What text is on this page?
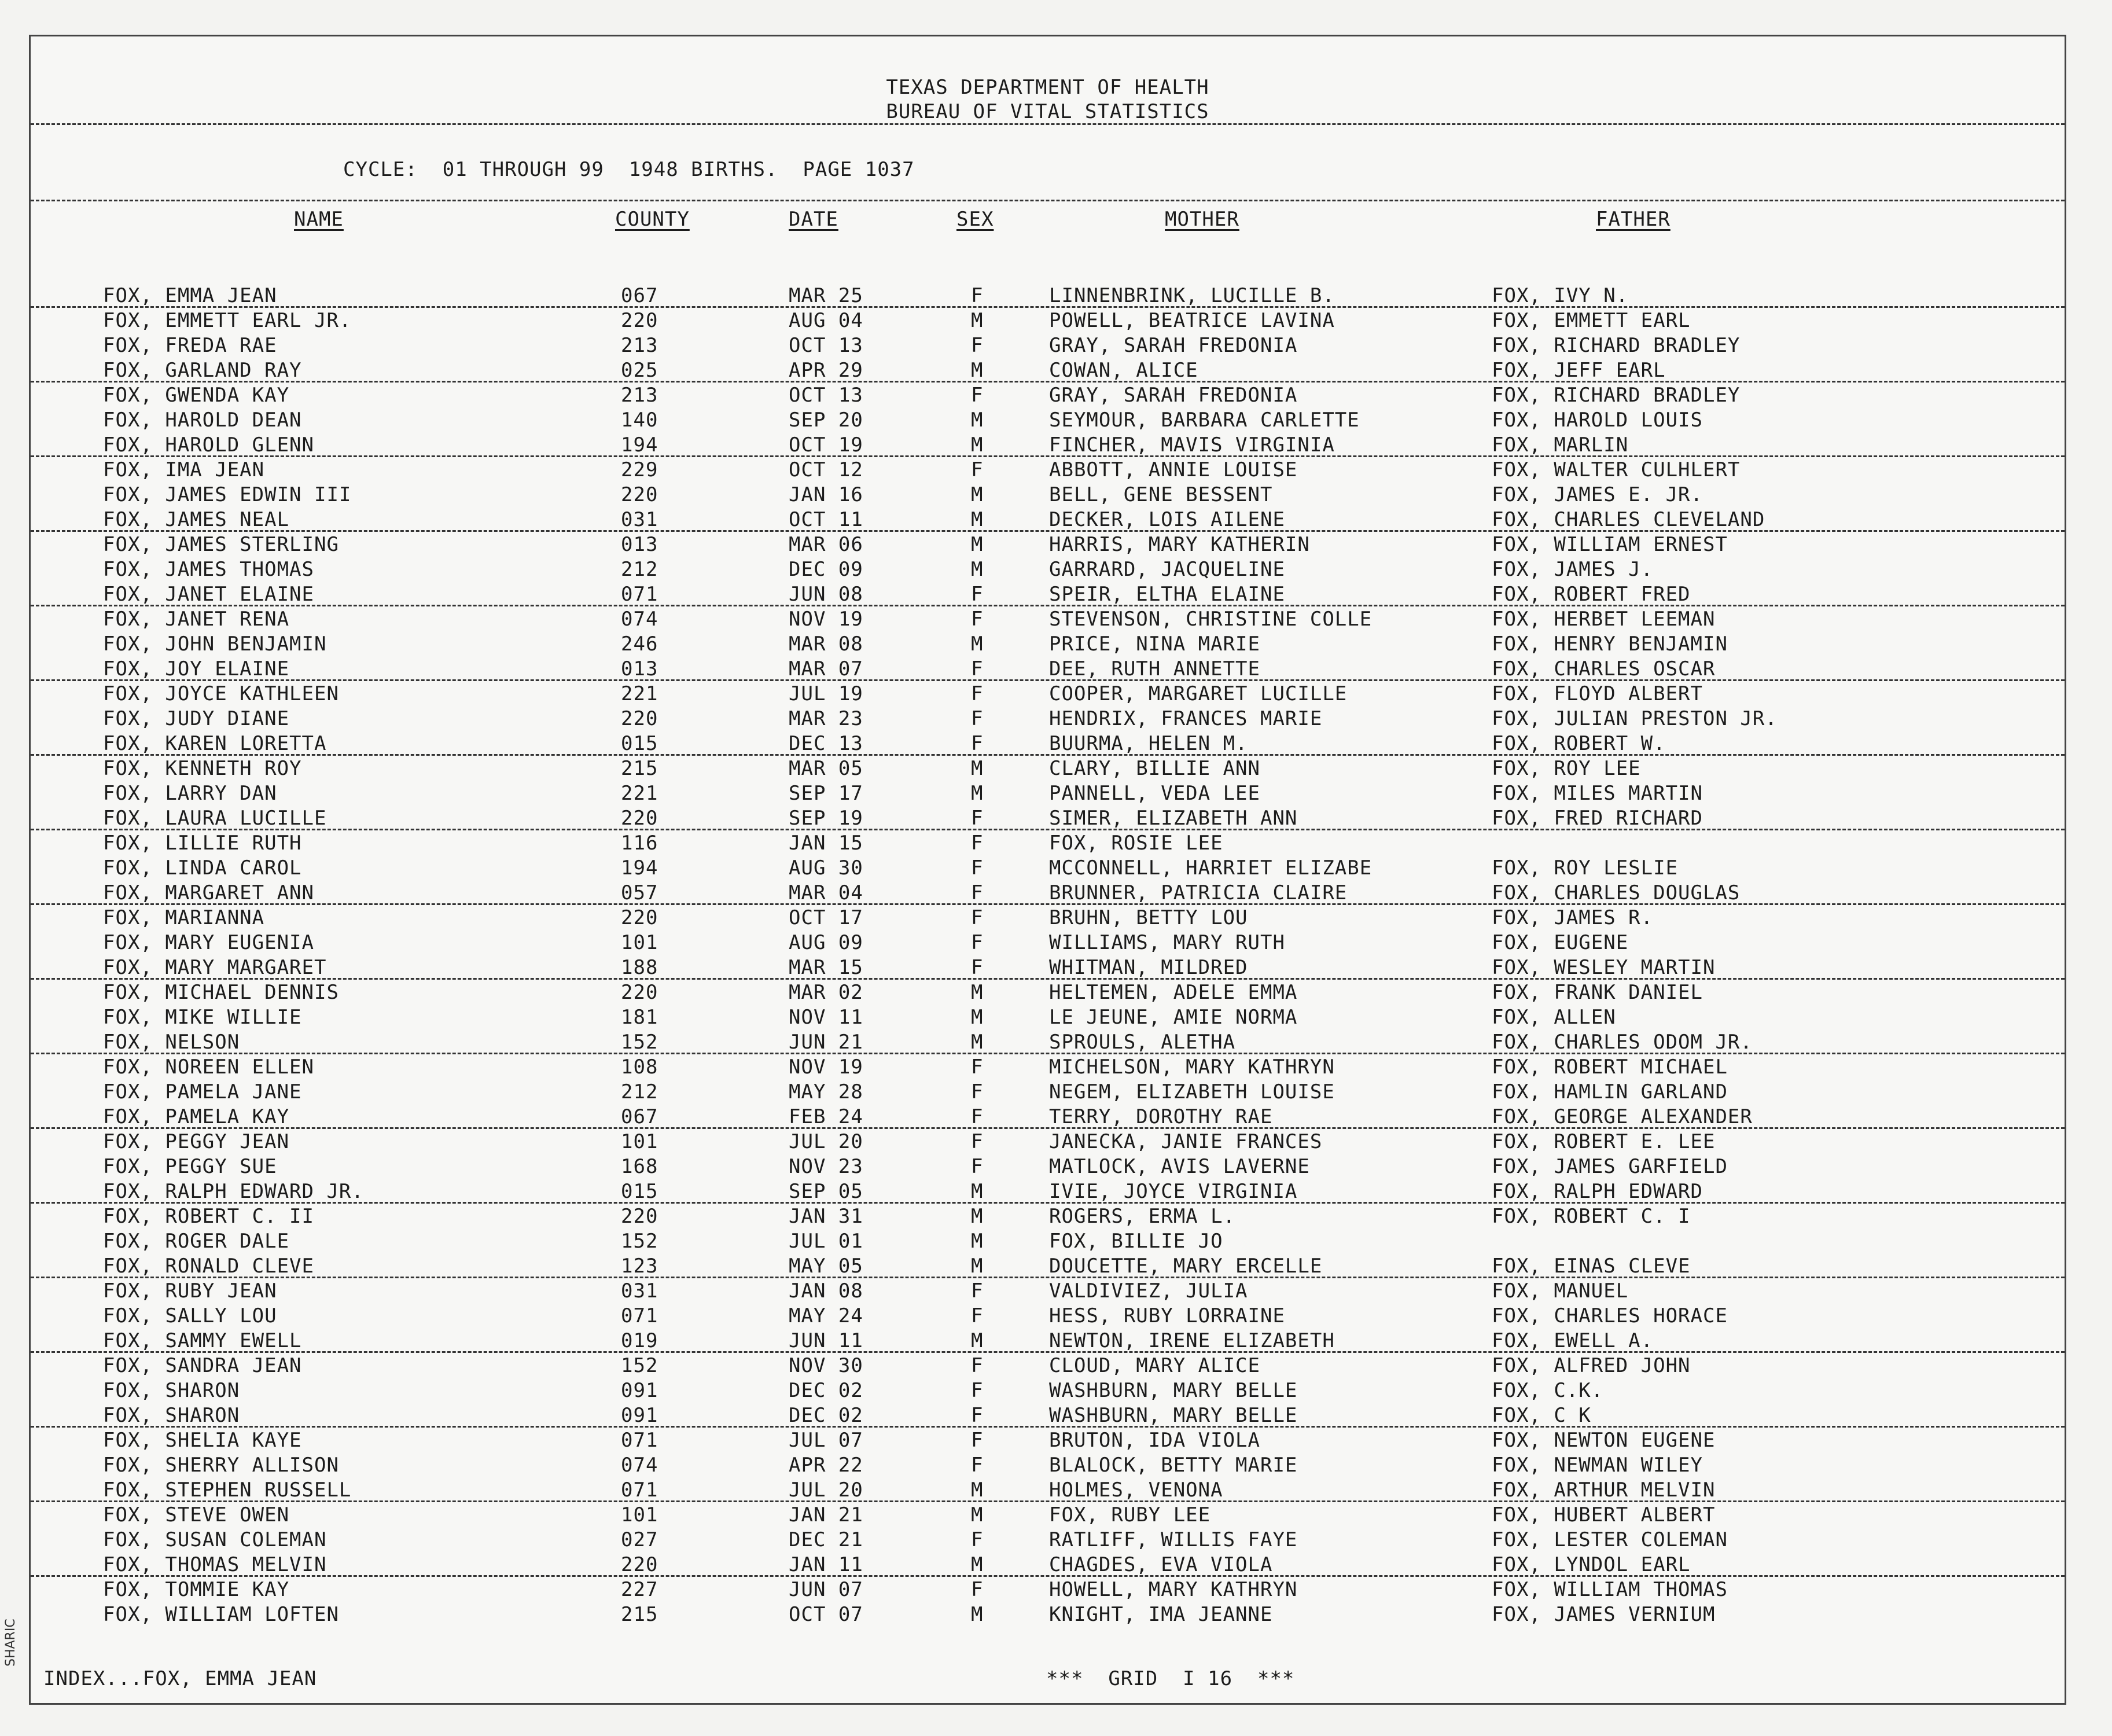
TEXAS DEPARTMENT OF HEALTH
BUREAU OF VITAL STATISTICS
CYCLE:  01 THROUGH 99  1948 BIRTHS.  PAGE 1037
NAME	COUNTY	DATE	SEX	MOTHER	FATHER
FOX, EMMA JEAN	067	MAR 25	F	LINNENBRINK, LUCILLE B.	FOX, IVY N.
FOX, EMMETT EARL JR.	220	AUG 04	M	POWELL, BEATRICE LAVINA	FOX, EMMETT EARL
FOX, FREDA RAE	213	OCT 13	F	GRAY, SARAH FREDONIA	FOX, RICHARD BRADLEY
FOX, GARLAND RAY	025	APR 29	M	COWAN, ALICE	FOX, JEFF EARL
FOX, GWENDA KAY	213	OCT 13	F	GRAY, SARAH FREDONIA	FOX, RICHARD BRADLEY
FOX, HAROLD DEAN	140	SEP 20	M	SEYMOUR, BARBARA CARLETTE	FOX, HAROLD LOUIS
FOX, HAROLD GLENN	194	OCT 19	M	FINCHER, MAVIS VIRGINIA	FOX, MARLIN
FOX, IMA JEAN	229	OCT 12	F	ABBOTT, ANNIE LOUISE	FOX, WALTER CULHLERT
FOX, JAMES EDWIN III	220	JAN 16	M	BELL, GENE BESSENT	FOX, JAMES E. JR.
FOX, JAMES NEAL	031	OCT 11	M	DECKER, LOIS AILENE	FOX, CHARLES CLEVELAND
FOX, JAMES STERLING	013	MAR 06	M	HARRIS, MARY KATHERIN	FOX, WILLIAM ERNEST
FOX, JAMES THOMAS	212	DEC 09	M	GARRARD, JACQUELINE	FOX, JAMES J.
FOX, JANET ELAINE	071	JUN 08	F	SPEIR, ELTHA ELAINE	FOX, ROBERT FRED
FOX, JANET RENA	074	NOV 19	F	STEVENSON, CHRISTINE COLLE	FOX, HERBET LEEMAN
FOX, JOHN BENJAMIN	246	MAR 08	M	PRICE, NINA MARIE	FOX, HENRY BENJAMIN
FOX, JOY ELAINE	013	MAR 07	F	DEE, RUTH ANNETTE	FOX, CHARLES OSCAR
FOX, JOYCE KATHLEEN	221	JUL 19	F	COOPER, MARGARET LUCILLE	FOX, FLOYD ALBERT
FOX, JUDY DIANE	220	MAR 23	F	HENDRIX, FRANCES MARIE	FOX, JULIAN PRESTON JR.
FOX, KAREN LORETTA	015	DEC 13	F	BUURMA, HELEN M.	FOX, ROBERT W.
FOX, KENNETH ROY	215	MAR 05	M	CLARY, BILLIE ANN	FOX, ROY LEE
FOX, LARRY DAN	221	SEP 17	M	PANNELL, VEDA LEE	FOX, MILES MARTIN
FOX, LAURA LUCILLE	220	SEP 19	F	SIMER, ELIZABETH ANN	FOX, FRED RICHARD
FOX, LILLIE RUTH	116	JAN 15	F	FOX, ROSIE LEE
FOX, LINDA CAROL	194	AUG 30	F	MCCONNELL, HARRIET ELIZABE	FOX, ROY LESLIE
FOX, MARGARET ANN	057	MAR 04	F	BRUNNER, PATRICIA CLAIRE	FOX, CHARLES DOUGLAS
FOX, MARIANNA	220	OCT 17	F	BRUHN, BETTY LOU	FOX, JAMES R.
FOX, MARY EUGENIA	101	AUG 09	F	WILLIAMS, MARY RUTH	FOX, EUGENE
FOX, MARY MARGARET	188	MAR 15	F	WHITMAN, MILDRED	FOX, WESLEY MARTIN
FOX, MICHAEL DENNIS	220	MAR 02	M	HELTEMEN, ADELE EMMA	FOX, FRANK DANIEL
FOX, MIKE WILLIE	181	NOV 11	M	LE JEUNE, AMIE NORMA	FOX, ALLEN
FOX, NELSON	152	JUN 21	M	SPROULS, ALETHA	FOX, CHARLES ODOM JR.
FOX, NOREEN ELLEN	108	NOV 19	F	MICHELSON, MARY KATHRYN	FOX, ROBERT MICHAEL
FOX, PAMELA JANE	212	MAY 28	F	NEGEM, ELIZABETH LOUISE	FOX, HAMLIN GARLAND
FOX, PAMELA KAY	067	FEB 24	F	TERRY, DOROTHY RAE	FOX, GEORGE ALEXANDER
FOX, PEGGY JEAN	101	JUL 20	F	JANECKA, JANIE FRANCES	FOX, ROBERT E. LEE
FOX, PEGGY SUE	168	NOV 23	F	MATLOCK, AVIS LAVERNE	FOX, JAMES GARFIELD
FOX, RALPH EDWARD JR.	015	SEP 05	M	IVIE, JOYCE VIRGINIA	FOX, RALPH EDWARD
FOX, ROBERT C. II	220	JAN 31	M	ROGERS, ERMA L.	FOX, ROBERT C. I
FOX, ROGER DALE	152	JUL 01	M	FOX, BILLIE JO
FOX, RONALD CLEVE	123	MAY 05	M	DOUCETTE, MARY ERCELLE	FOX, EINAS CLEVE
FOX, RUBY JEAN	031	JAN 08	F	VALDIVIEZ, JULIA	FOX, MANUEL
FOX, SALLY LOU	071	MAY 24	F	HESS, RUBY LORRAINE	FOX, CHARLES HORACE
FOX, SAMMY EWELL	019	JUN 11	M	NEWTON, IRENE ELIZABETH	FOX, EWELL A.
FOX, SANDRA JEAN	152	NOV 30	F	CLOUD, MARY ALICE	FOX, ALFRED JOHN
FOX, SHARON	091	DEC 02	F	WASHBURN, MARY BELLE	FOX, C.K.
FOX, SHARON	091	DEC 02	F	WASHBURN, MARY BELLE	FOX, C K
FOX, SHELIA KAYE	071	JUL 07	F	BRUTON, IDA VIOLA	FOX, NEWTON EUGENE
FOX, SHERRY ALLISON	074	APR 22	F	BLALOCK, BETTY MARIE	FOX, NEWMAN WILEY
FOX, STEPHEN RUSSELL	071	JUL 20	M	HOLMES, VENONA	FOX, ARTHUR MELVIN
FOX, STEVE OWEN	101	JAN 21	M	FOX, RUBY LEE	FOX, HUBERT ALBERT
FOX, SUSAN COLEMAN	027	DEC 21	F	RATLIFF, WILLIS FAYE	FOX, LESTER COLEMAN
FOX, THOMAS MELVIN	220	JAN 11	M	CHAGDES, EVA VIOLA	FOX, LYNDOL EARL
FOX, TOMMIE KAY	227	JUN 07	F	HOWELL, MARY KATHRYN	FOX, WILLIAM THOMAS
FOX, WILLIAM LOFTEN	215	OCT 07	M	KNIGHT, IMA JEANNE	FOX, JAMES VERNIUM
INDEX...FOX, EMMA JEAN	***  GRID  I 16  ***
SHARIC
